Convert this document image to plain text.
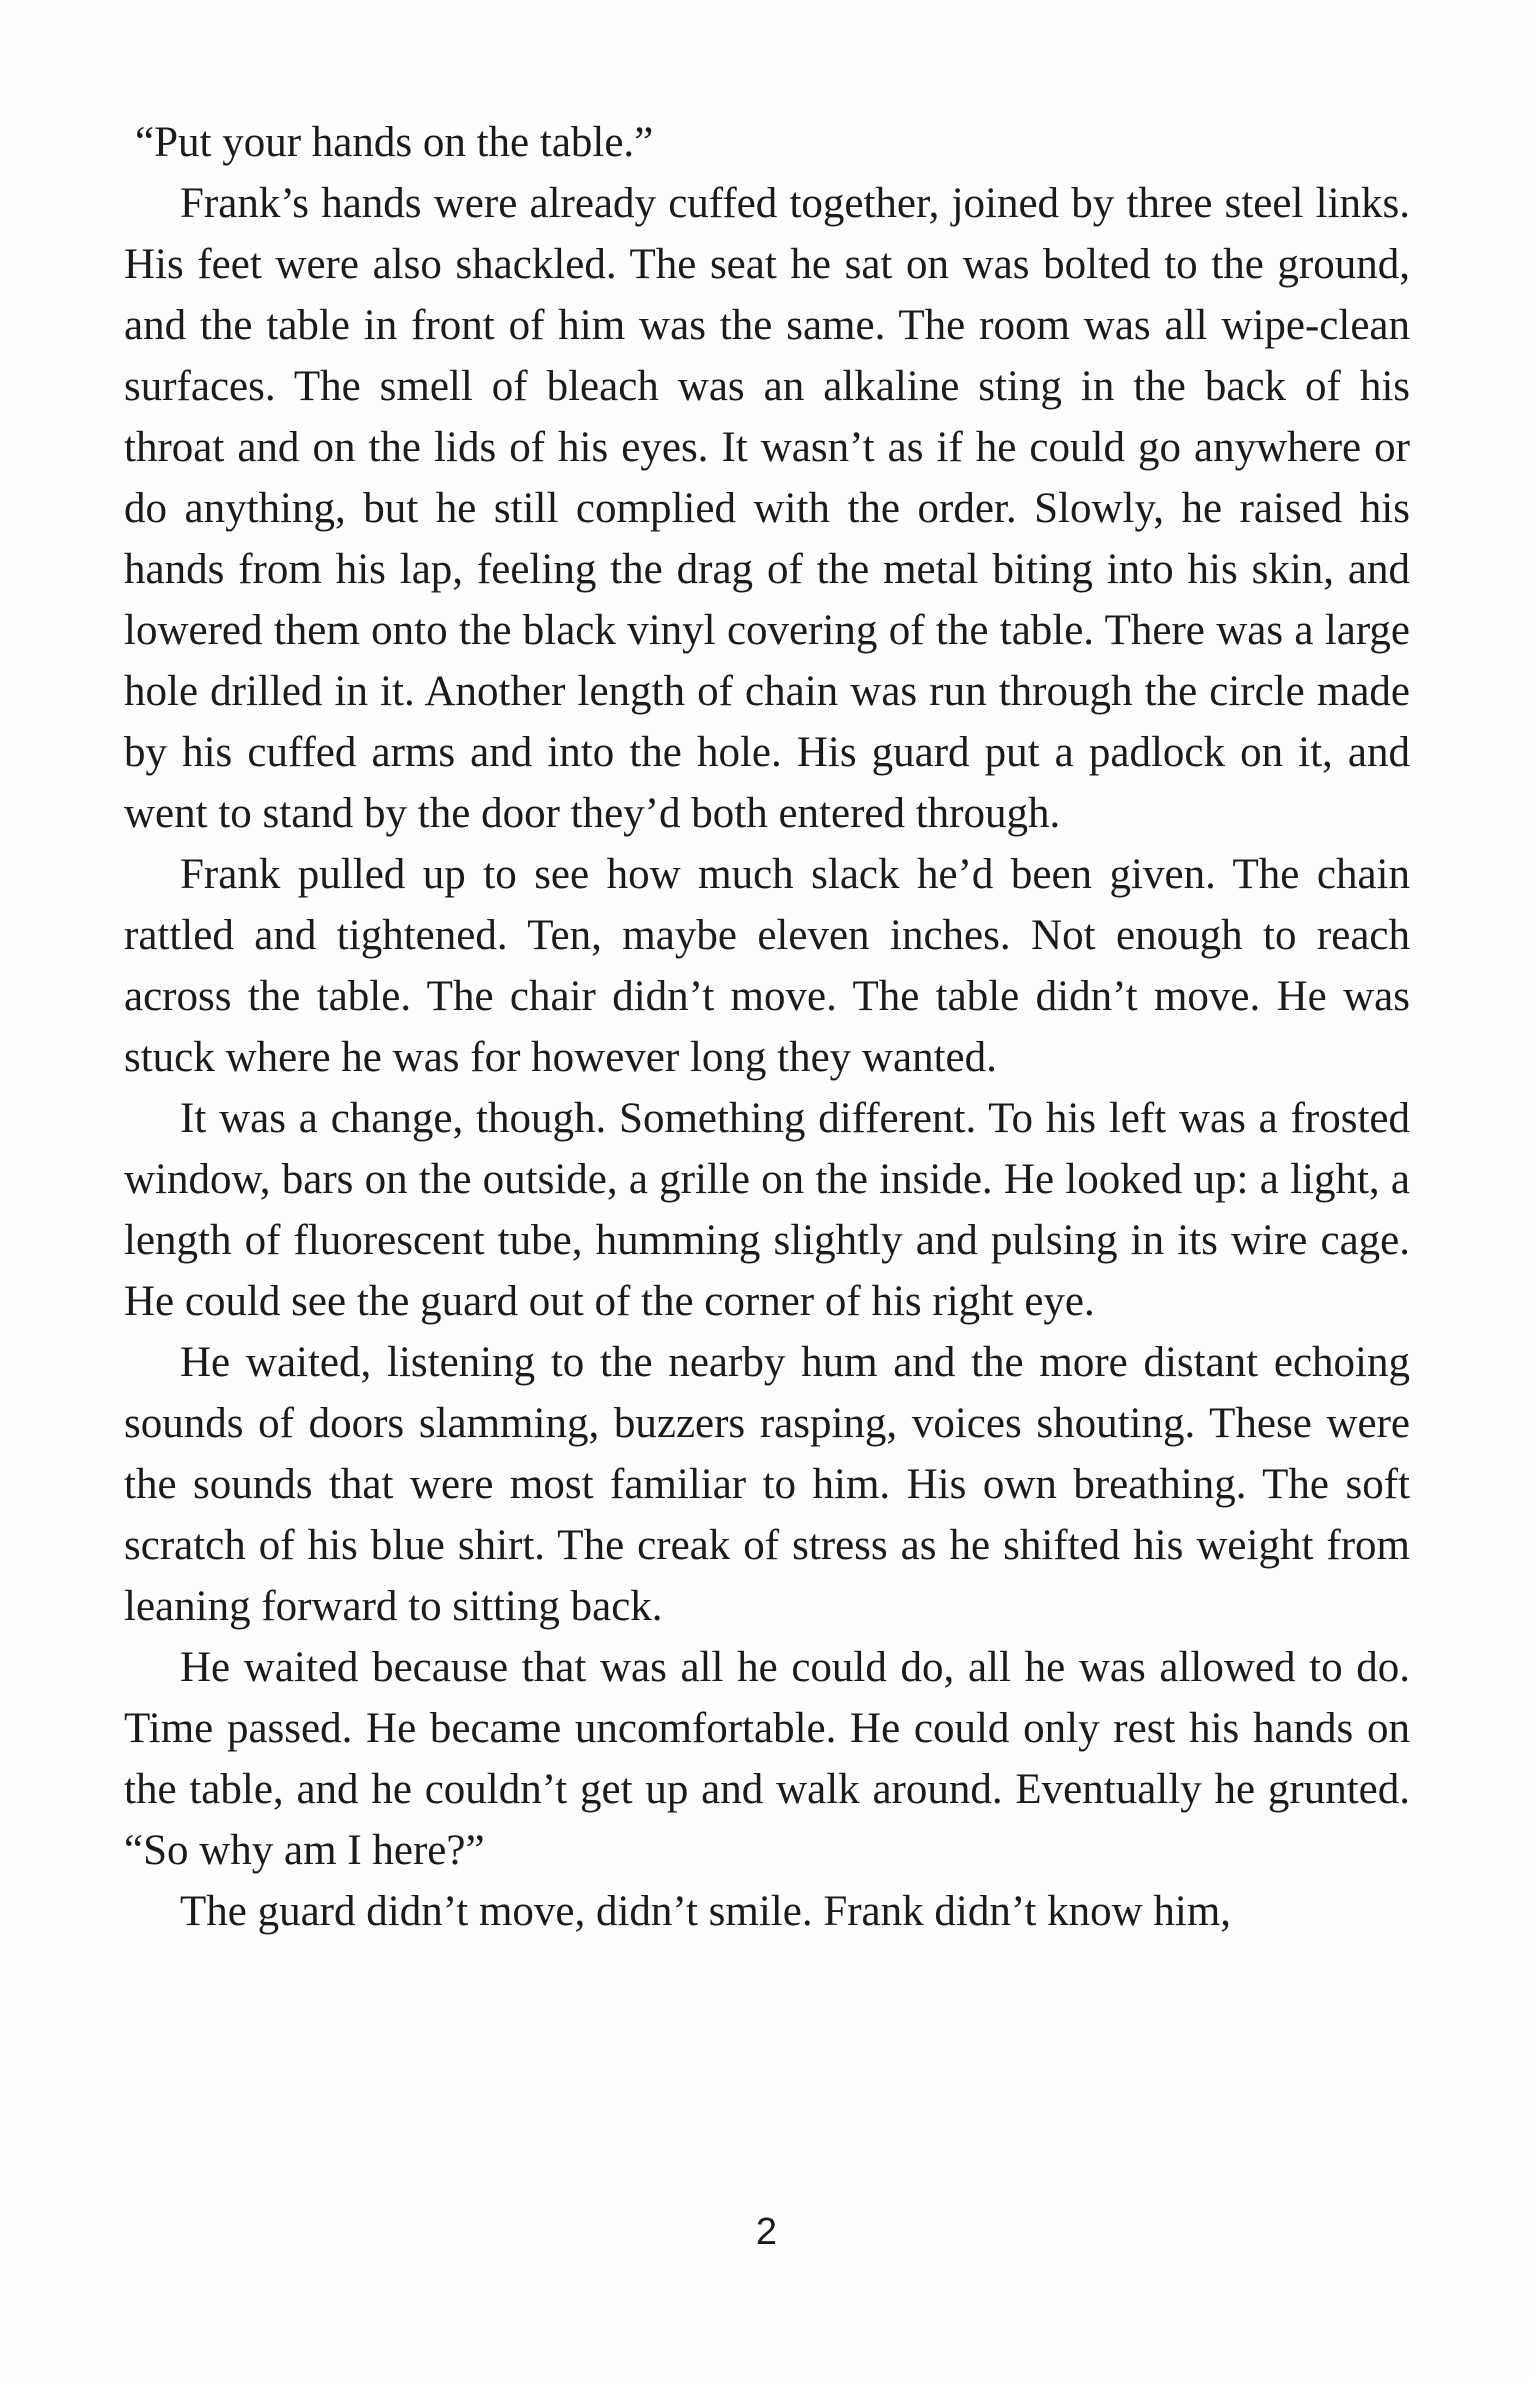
“Put your hands on the table.”

Frank’s hands were already cuffed together, joined by three steel links. His feet were also shackled. The seat he sat on was bolted to the ground, and the table in front of him was the same. The room was all wipe-clean surfaces. The smell of bleach was an alkaline sting in the back of his throat and on the lids of his eyes. It wasn’t as if he could go anywhere or do anything, but he still complied with the order. Slowly, he raised his hands from his lap, feeling the drag of the metal biting into his skin, and lowered them onto the black vinyl covering of the table. There was a large hole drilled in it. Another length of chain was run through the circle made by his cuffed arms and into the hole. His guard put a padlock on it, and went to stand by the door they’d both entered through.

Frank pulled up to see how much slack he’d been given. The chain rattled and tightened. Ten, maybe eleven inches. Not enough to reach across the table. The chair didn’t move. The table didn’t move. He was stuck where he was for however long they wanted.

It was a change, though. Something different. To his left was a frosted window, bars on the outside, a grille on the inside. He looked up: a light, a length of fluorescent tube, humming slightly and pulsing in its wire cage. He could see the guard out of the corner of his right eye.

He waited, listening to the nearby hum and the more distant echoing sounds of doors slamming, buzzers rasping, voices shouting. These were the sounds that were most familiar to him. His own breathing. The soft scratch of his blue shirt. The creak of stress as he shifted his weight from leaning forward to sitting back.

He waited because that was all he could do, all he was allowed to do. Time passed. He became uncomfortable. He could only rest his hands on the table, and he couldn’t get up and walk around. Eventually he grunted. “So why am I here?”

The guard didn’t move, didn’t smile. Frank didn’t know him,

2
